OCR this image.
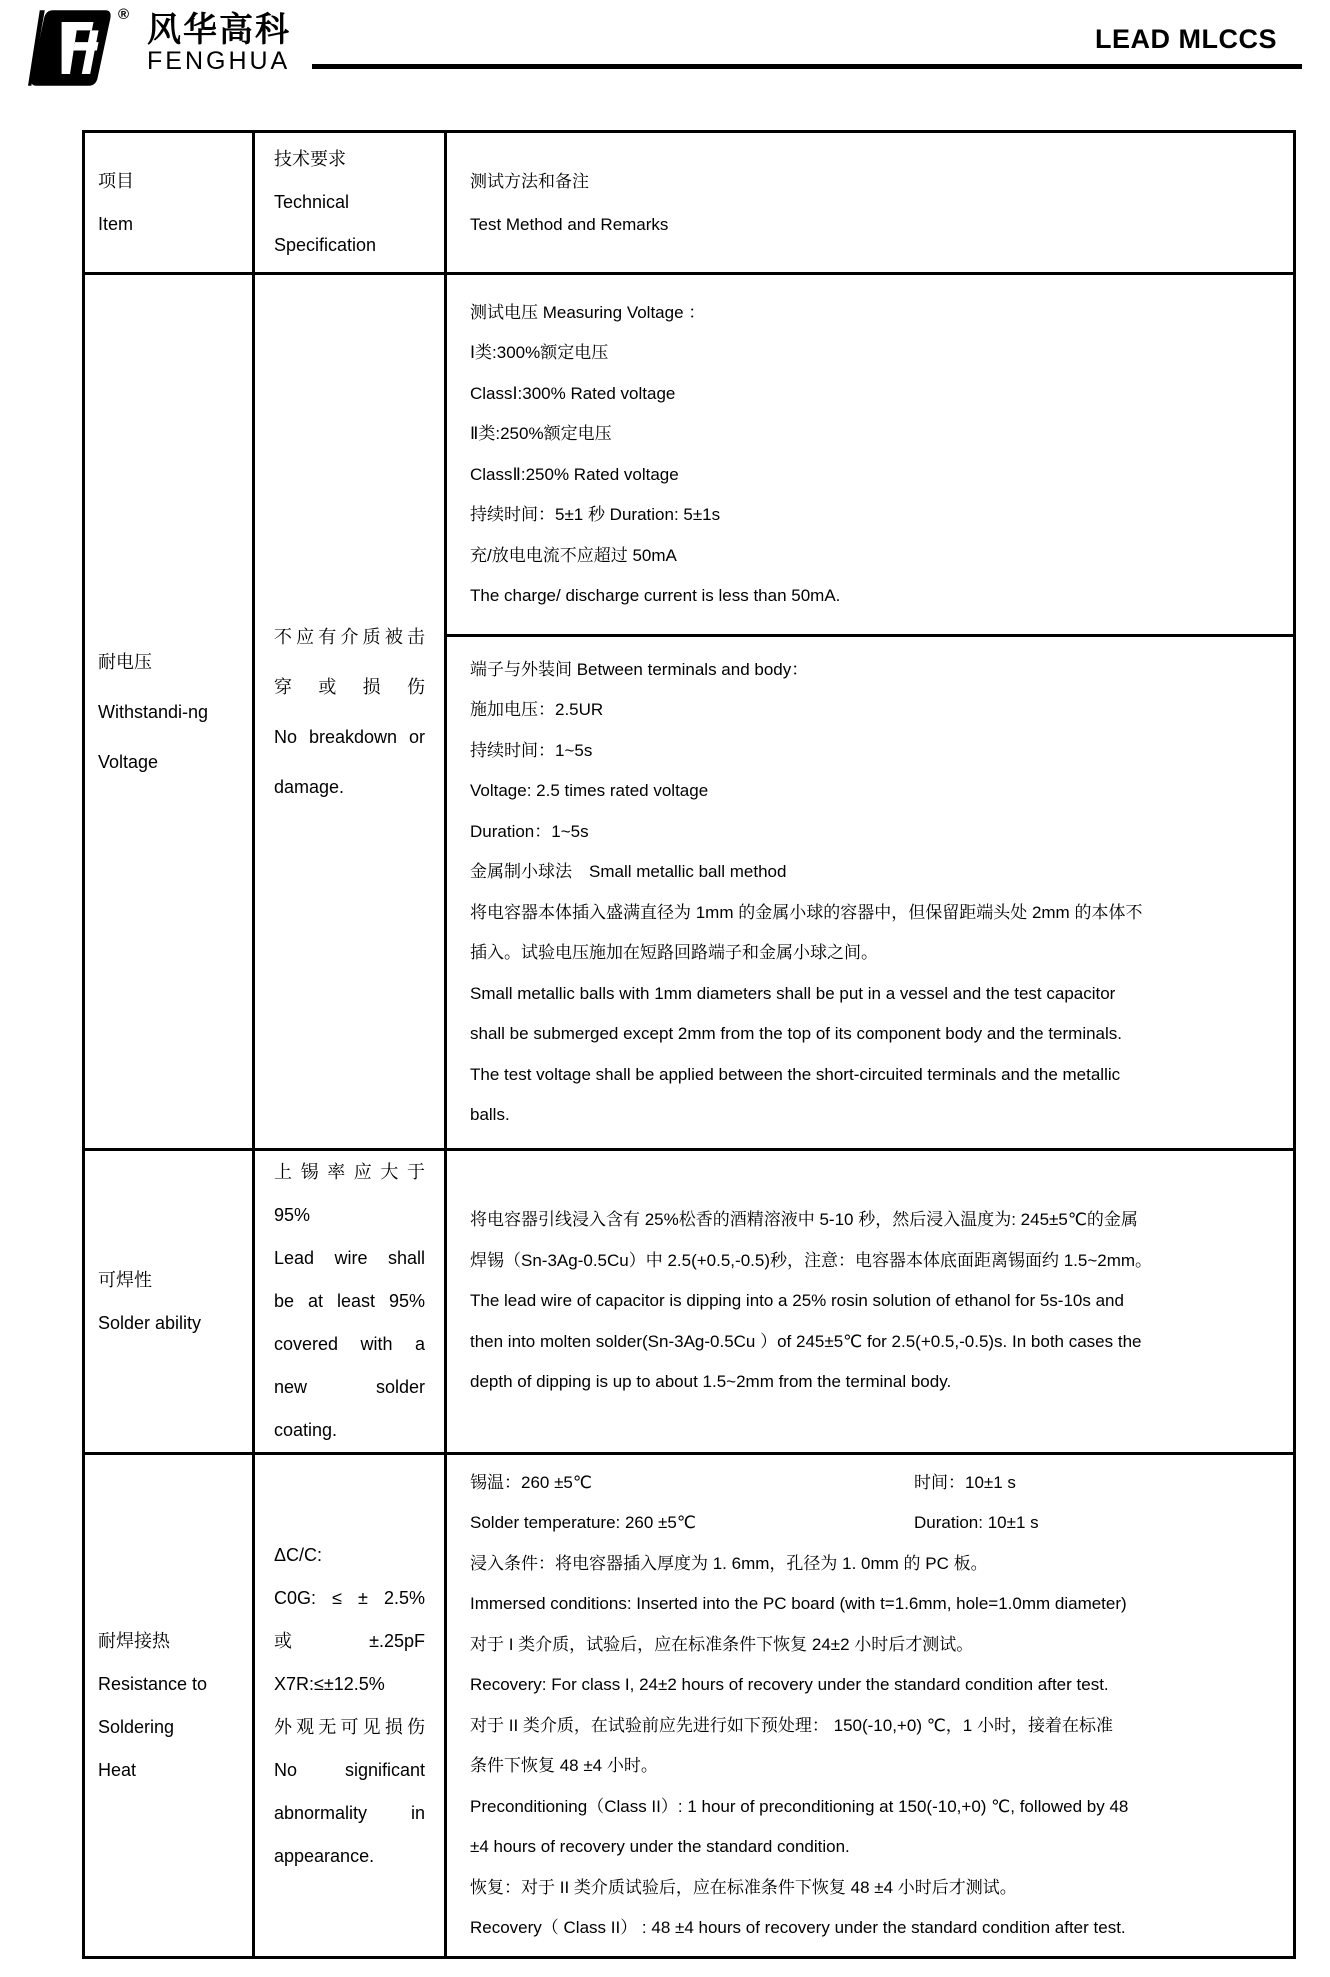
® 风华高科
FENGHUA
LEAD MLCCS
项目
Item
技术要求
Technical
Specification
测试方法和备注
Test Method and Remarks
耐电压
Withstandi-ng
Voltage
不应有介质被击
穿或损伤
No breakdown or
damage.
测试电压 Measuring Voltage ：
Ⅰ类:300%额定电压
ClassⅠ:300% Rated voltage
Ⅱ类:250%额定电压
ClassⅡ:250% Rated voltage
持续时间：5±1 秒 Duration: 5±1s
充/放电电流不应超过 50mA
The charge/ discharge current is less than 50mA.
端子与外装间 Between terminals and body：
施加电压：2.5UR
持续时间：1~5s
Voltage: 2.5 times rated voltage
Duration：1~5s
金属制小球法　Small metallic ball method
将电容器本体插入盛满直径为 1mm 的金属小球的容器中，但保留距端头处 2mm 的本体不
插入。试验电压施加在短路回路端子和金属小球之间。
Small metallic balls with 1mm diameters shall be put in a vessel and the test capacitor
shall be submerged except 2mm from the top of its component body and the terminals.
The test voltage shall be applied between the short-circuited terminals and the metallic
balls.
可焊性
Solder ability
上锡率应大于
95%
Lead wire shall
be at least 95%
covered with a
new solder
coating.
将电容器引线浸入含有 25%松香的酒精溶液中 5-10 秒，然后浸入温度为: 245±5℃的金属
焊锡（Sn-3Ag-0.5Cu）中 2.5(+0.5,-0.5)秒，注意：电容器本体底面距离锡面约 1.5~2mm。
The lead wire of capacitor is dipping into a 25% rosin solution of ethanol for 5s-10s and
then into molten solder(Sn-3Ag-0.5Cu ）of 245±5℃ for 2.5(+0.5,-0.5)s. In both cases the
depth of dipping is up to about 1.5~2mm from the terminal body.
耐焊接热
Resistance to
Soldering
Heat
ΔC/C:
C0G: ≤ ± 2.5%
或±.25pF
X7R:≤±12.5%
外观无可见损伤
No significant
abnormality in
appearance.
锡温：260 ±5℃	时间：10±1 s
Solder temperature: 260 ±5℃	Duration: 10±1 s
浸入条件：将电容器插入厚度为 1. 6mm，孔径为 1. 0mm 的 PC 板。
Immersed conditions: Inserted into the PC board (with t=1.6mm, hole=1.0mm diameter)
对于 I 类介质，试验后，应在标准条件下恢复 24±2 小时后才测试。
Recovery: For class I, 24±2 hours of recovery under the standard condition after test.
对于 II 类介质，在试验前应先进行如下预处理： 150(-10,+0) ℃，1 小时，接着在标准
条件下恢复 48 ±4 小时。
Preconditioning（Class II）: 1 hour of preconditioning at 150(-10,+0) ℃, followed by 48
±4 hours of recovery under the standard condition.
恢复：对于 II 类介质试验后，应在标准条件下恢复 48 ±4 小时后才测试。
Recovery（ Class II） : 48 ±4 hours of recovery under the standard condition after test.
